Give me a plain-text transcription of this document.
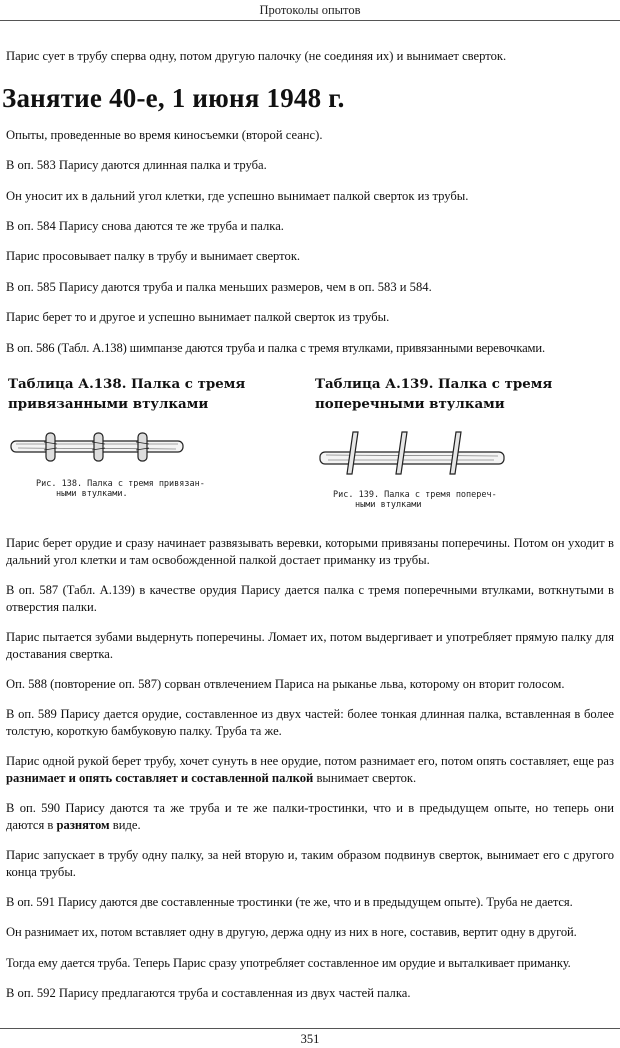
Протоколы опытов

Парис сует в трубу сперва одну, потом другую палочку (не соединяя их) и вынимает сверток.

Занятие 40-е, 1 июня 1948 г.

Опыты, проведенные во время киносъемки (второй сеанс).

В оп. 583 Парису даются длинная палка и труба.

Он уносит их в дальний угол клетки, где успешно вынимает палкой сверток из трубы.

В оп. 584 Парису снова даются те же труба и палка.

Парис просовывает палку в трубу и вынимает сверток.

В оп. 585 Парису даются труба и палка меньших размеров, чем в оп. 583 и 584.

Парис берет то и другое и успешно вынимает палкой сверток из трубы.

В оп. 586 (Табл. А.138) шимпанзе даются труба и палка с тремя втулками, привязанными веревочками.

Таблица А.138. Палка с тремя
привязанными втулками
Рис. 138. Палка с тремя привязан-
ными втулками.
Таблица А.139. Палка с тремя
поперечными втулками
Рис. 139. Палка с тремя попереч-
ными втулками

Парис берет орудие и сразу начинает развязывать веревки, которыми привязаны поперечины. Потом он уходит в дальний угол клетки и там освобожденной палкой достает приманку из трубы.

В оп. 587 (Табл. А.139) в качестве орудия Парису дается палка с тремя поперечными втулками, воткнутыми в отверстия палки.

Парис пытается зубами выдернуть поперечины. Ломает их, потом выдергивает и употребляет прямую палку для доставания свертка.

Оп. 588 (повторение оп. 587) сорван отвлечением Париса на рыканье льва, которому он вторит голосом.

В оп. 589 Парису дается орудие, составленное из двух частей: более тонкая длинная палка, вставленная в более толстую, короткую бамбуковую палку. Труба та же.

Парис одной рукой берет трубу, хочет сунуть в нее орудие, потом разнимает его, потом опять составляет, еще раз разнимает и опять составляет и составленной палкой вынимает сверток.

В оп. 590 Парису даются та же труба и те же палки-тростинки, что и в предыдущем опыте, но теперь они даются в разнятом виде.

Парис запускает в трубу одну палку, за ней вторую и, таким образом подвинув сверток, вынимает его с другого конца трубы.

В оп. 591 Парису даются две составленные тростинки (те же, что и в предыдущем опыте). Труба не дается.

Он разнимает их, потом вставляет одну в другую, держа одну из них в ноге, составив, вертит одну в другой.

Тогда ему дается труба. Теперь Парис сразу употребляет составленное им орудие и выталкивает приманку.

В оп. 592 Парису предлагаются труба и составленная из двух частей палка.

351
